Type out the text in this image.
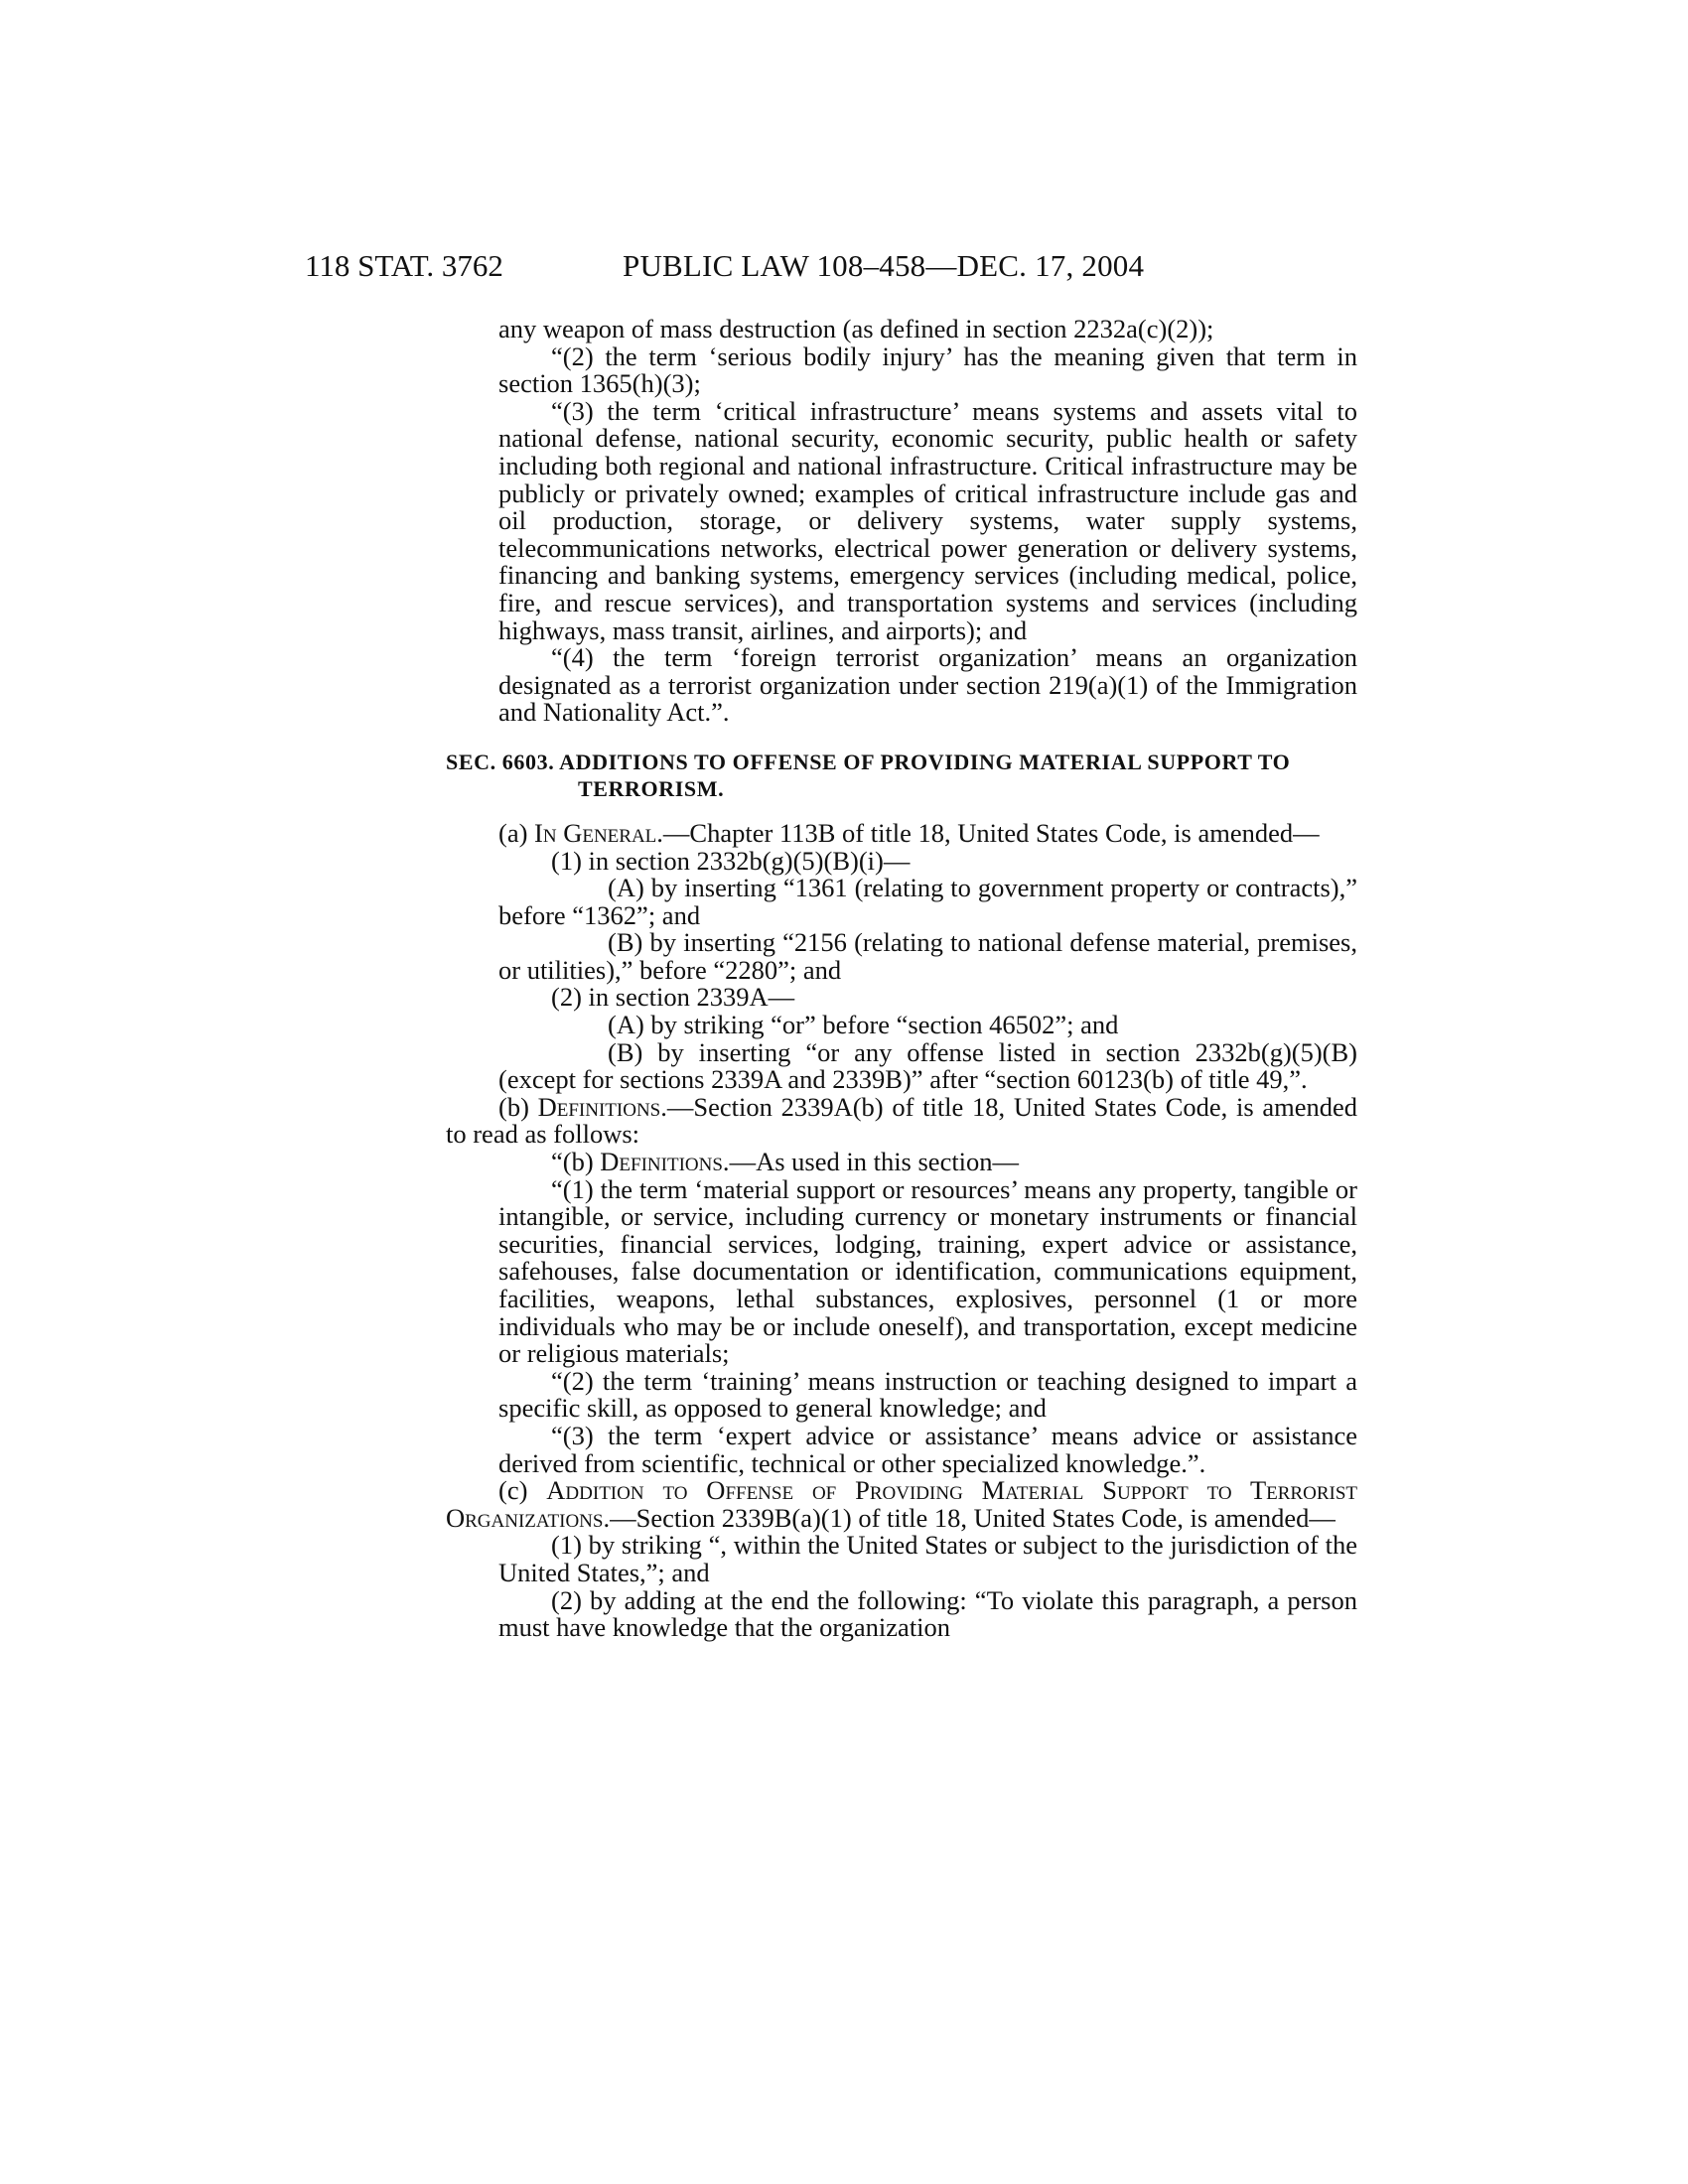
118 STAT. 3762	PUBLIC LAW 108–458—DEC. 17, 2004

any weapon of mass destruction (as defined in section 2232a(c)(2));

“(2) the term ‘serious bodily injury’ has the meaning given that term in section 1365(h)(3);

“(3) the term ‘critical infrastructure’ means systems and assets vital to national defense, national security, economic security, public health or safety including both regional and national infrastructure. Critical infrastructure may be publicly or privately owned; examples of critical infrastructure include gas and oil production, storage, or delivery systems, water supply systems, telecommunications networks, electrical power generation or delivery systems, financing and banking systems, emergency services (including medical, police, fire, and rescue services), and transportation systems and services (including highways, mass transit, airlines, and airports); and

“(4) the term ‘foreign terrorist organization’ means an organization designated as a terrorist organization under section 219(a)(1) of the Immigration and Nationality Act.”.

SEC. 6603. ADDITIONS TO OFFENSE OF PROVIDING MATERIAL SUPPORT TO TERRORISM.

(a) In General.—Chapter 113B of title 18, United States Code, is amended—

(1) in section 2332b(g)(5)(B)(i)—

(A) by inserting “1361 (relating to government property or contracts),” before “1362”; and

(B) by inserting “2156 (relating to national defense material, premises, or utilities),” before “2280”; and

(2) in section 2339A—

(A) by striking “or” before “section 46502”; and

(B) by inserting “or any offense listed in section 2332b(g)(5)(B) (except for sections 2339A and 2339B)” after “section 60123(b) of title 49,”.

(b) Definitions.—Section 2339A(b) of title 18, United States Code, is amended to read as follows:

“(b) Definitions.—As used in this section—

“(1) the term ‘material support or resources’ means any property, tangible or intangible, or service, including currency or monetary instruments or financial securities, financial services, lodging, training, expert advice or assistance, safehouses, false documentation or identification, communications equipment, facilities, weapons, lethal substances, explosives, personnel (1 or more individuals who may be or include oneself), and transportation, except medicine or religious materials;

“(2) the term ‘training’ means instruction or teaching designed to impart a specific skill, as opposed to general knowledge; and

“(3) the term ‘expert advice or assistance’ means advice or assistance derived from scientific, technical or other specialized knowledge.”.

(c) Addition to Offense of Providing Material Support to Terrorist Organizations.—Section 2339B(a)(1) of title 18, United States Code, is amended—

(1) by striking “, within the United States or subject to the jurisdiction of the United States,”; and

(2) by adding at the end the following: “To violate this paragraph, a person must have knowledge that the organization
